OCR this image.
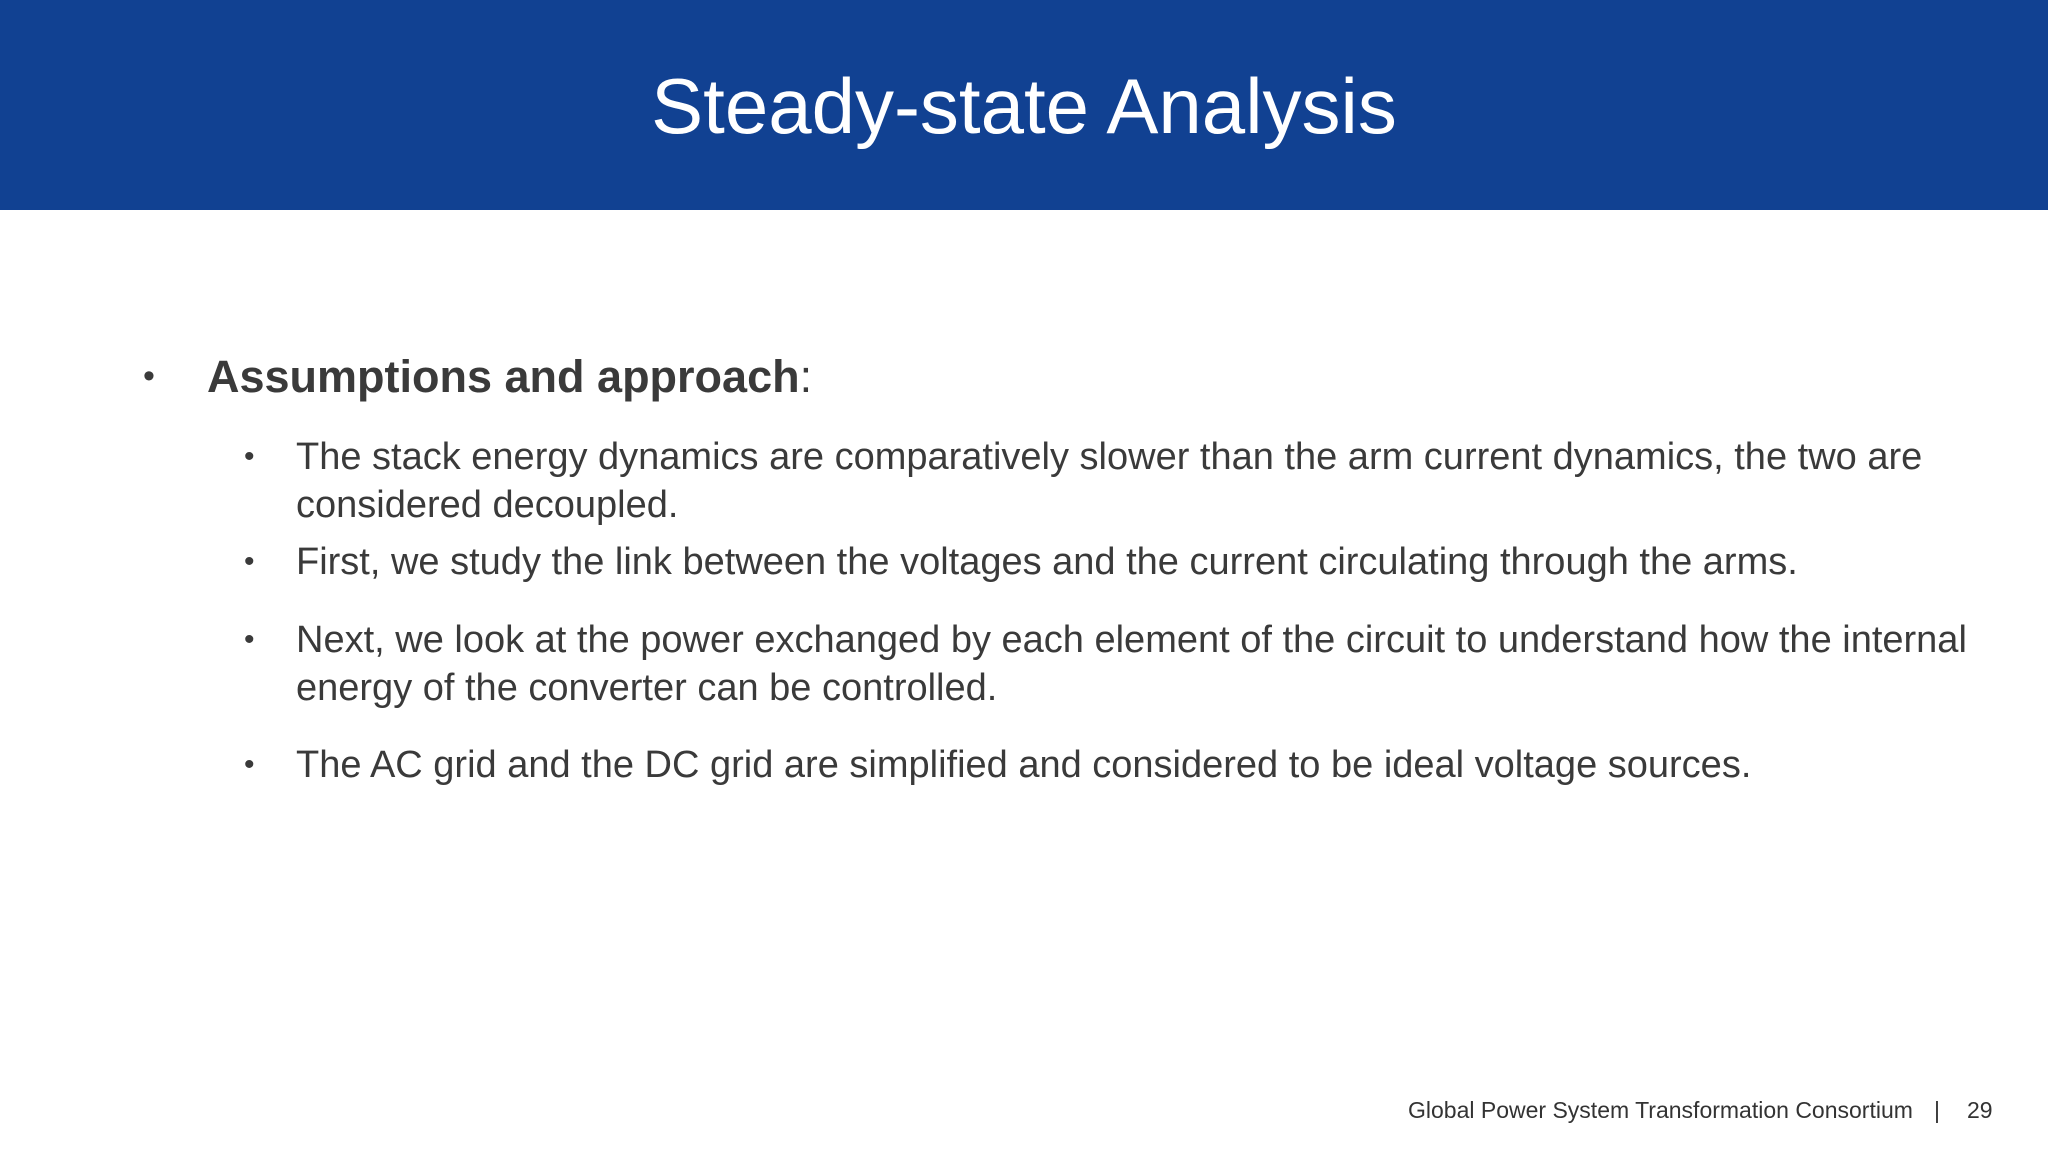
Steady-state Analysis
• Assumptions and approach:
• The stack energy dynamics are comparatively slower than the arm current dynamics, the two are considered decoupled.
• First, we study the link between the voltages and the current circulating through the arms.
• Next, we look at the power exchanged by each element of the circuit to understand how the internal energy of the converter can be controlled.
• The AC grid and the DC grid are simplified and considered to be ideal voltage sources.
Global Power System Transformation Consortium | 29
